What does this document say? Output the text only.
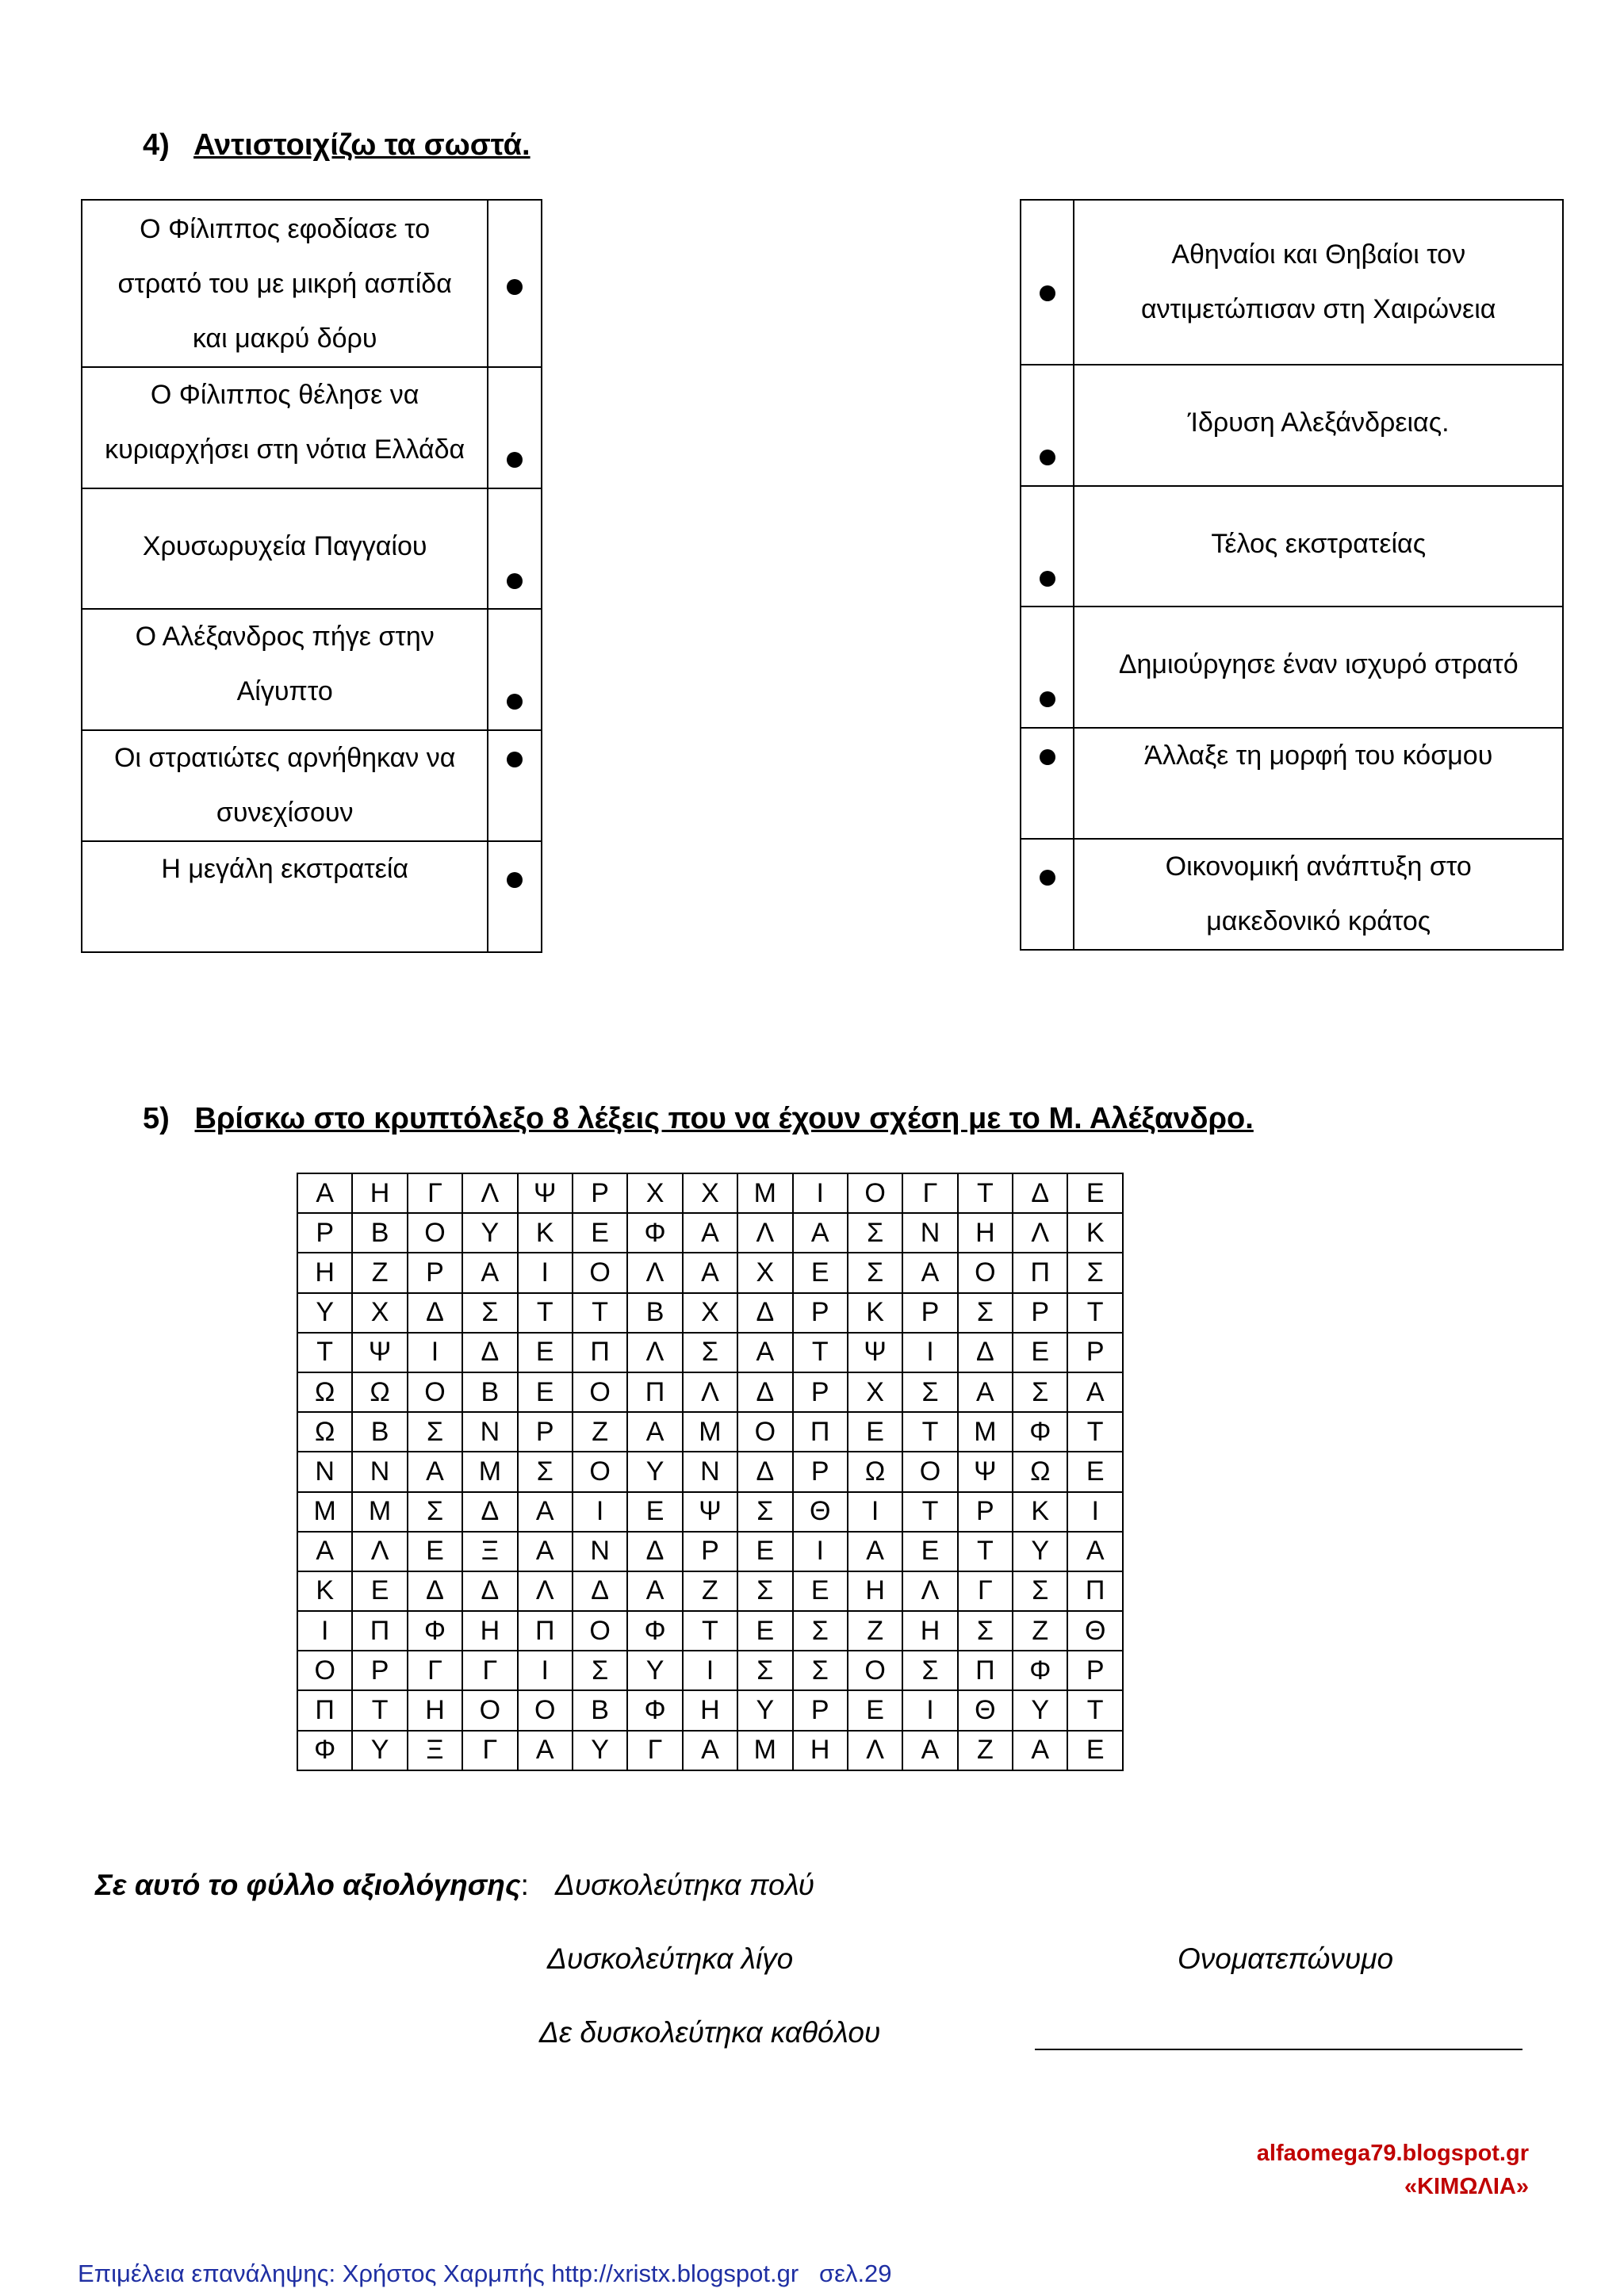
4) Αντιστοιχίζω τα σωστά.
Ο Φίλιππος εφοδίασε το
στρατό του με μικρή ασπίδα
και μακρύ δόρυ	

Ο Φίλιππος θέλησε να
κυριαρχήσει στη νότια Ελλάδα	

Χρυσωρυχεία Παγγαίου	

Ο Αλέξανδρος πήγε στην
Αίγυπτο	

Οι στρατιώτες αρνήθηκαν να
συνεχίσουν	

Η μεγάλη εκστρατεία	

	Αθηναίοι και Θηβαίοι τον
αντιμετώπισαν στη Χαιρώνεια

	Ίδρυση Αλεξάνδρειας.

	Τέλος εκστρατείας

	Δημιούργησε έναν ισχυρό στρατό

	Άλλαξε τη μορφή του κόσμου

	Οικονομική ανάπτυξη στο
μακεδονικό κράτος
5) Βρίσκω στο κρυπτόλεξο 8 λέξεις που να έχουν σχέση με το Μ. Αλέξανδρο.
Α	Η	Γ	Λ	Ψ	Ρ	Χ	Χ	Μ	Ι	Ο	Γ	Τ	Δ	Ε
Ρ	Β	Ο	Υ	Κ	Ε	Φ	Α	Λ	Α	Σ	Ν	Η	Λ	Κ
Η	Ζ	Ρ	Α	Ι	Ο	Λ	Α	Χ	Ε	Σ	Α	Ο	Π	Σ
Υ	Χ	Δ	Σ	Τ	Τ	Β	Χ	Δ	Ρ	Κ	Ρ	Σ	Ρ	Τ
Τ	Ψ	Ι	Δ	Ε	Π	Λ	Σ	Α	Τ	Ψ	Ι	Δ	Ε	Ρ
Ω	Ω	Ο	Β	Ε	Ο	Π	Λ	Δ	Ρ	Χ	Σ	Α	Σ	Α
Ω	Β	Σ	Ν	Ρ	Ζ	Α	Μ	Ο	Π	Ε	Τ	Μ	Φ	Τ
Ν	Ν	Α	Μ	Σ	Ο	Υ	Ν	Δ	Ρ	Ω	Ο	Ψ	Ω	Ε
Μ	Μ	Σ	Δ	Α	Ι	Ε	Ψ	Σ	Θ	Ι	Τ	Ρ	Κ	Ι
Α	Λ	Ε	Ξ	Α	Ν	Δ	Ρ	Ε	Ι	Α	Ε	Τ	Υ	Α
Κ	Ε	Δ	Δ	Λ	Δ	Α	Ζ	Σ	Ε	Η	Λ	Γ	Σ	Π
Ι	Π	Φ	Η	Π	Ο	Φ	Τ	Ε	Σ	Ζ	Η	Σ	Ζ	Θ
Ο	Ρ	Γ	Γ	Ι	Σ	Υ	Ι	Σ	Σ	Ο	Σ	Π	Φ	Ρ
Π	Τ	Η	Ο	Ο	Β	Φ	Η	Υ	Ρ	Ε	Ι	Θ	Υ	Τ
Φ	Υ	Ξ	Γ	Α	Υ	Γ	Α	Μ	Η	Λ	Α	Ζ	Α	Ε
Σε αυτό το φύλλο αξιολόγησης: Δυσκολεύτηκα πολύ
Δυσκολεύτηκα λίγο
Δε δυσκολεύτηκα καθόλου
Ονοματεπώνυμο
alfaomega79.blogspot.gr
«ΚΙΜΩΛΙΑ»
Επιμέλεια επανάληψης: Χρήστος Χαρμπής http://xristx.blogspot.gr   σελ.29
